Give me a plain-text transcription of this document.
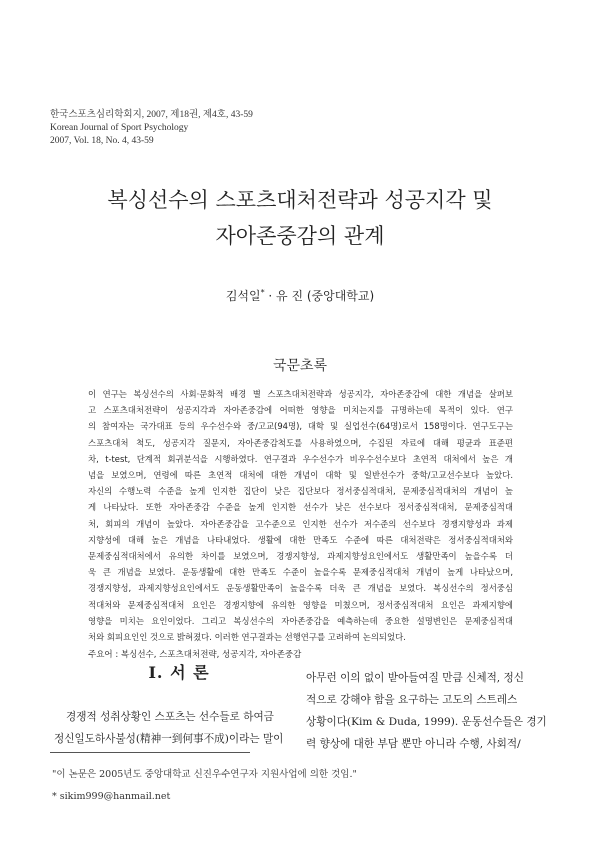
한국스포츠심리학회지, 2007, 제18권, 제4호, 43-59
Korean Journal of Sport Psychology
2007, Vol. 18, No. 4, 43-59
복싱선수의 스포츠대처전략과 성공지각 및
자아존중감의 관계
김석일* · 유 진 (중앙대학교)
국문초록
이 연구는 복싱선수의 사회·문화적 배경 별 스포츠대처전략과 성공지각, 자아존중감에 대한 개념을 살펴보
고 스포츠대처전략이 성공지각과 자아존중감에 어떠한 영향을 미치는지를 규명하는데 목적이 있다. 연구
의 참여자는 국가대표 등의 우수선수와 중/고교(94명), 대학 및 실업선수(64명)로서 158명이다. 연구도구는
스포츠대처 척도, 성공지각 질문지, 자아존중감척도를 사용하였으며, 수집된 자료에 대해 평균과 표준편
차, t-test, 단계적 회귀분석을 시행하였다. 연구결과 우수선수가 비우수선수보다 초연적 대처에서 높은 개
념을 보였으며, 연령에 따른 초연적 대처에 대한 개념이 대학 및 일반선수가 중학/고교선수보다 높았다.
자신의 수행노력 수준을 높게 인지한 집단이 낮은 집단보다 정서중심적대처, 문제중심적대처의 개념이 높
게 나타났다. 또한 자아존중감 수준을 높게 인지한 선수가 낮은 선수보다 정서중심적대처, 문제중심적대
처, 회피의 개념이 높았다. 자아존중감을 고수준으로 인지한 선수가 저수준의 선수보다 경쟁지향성과 과제
지향성에 대해 높은 개념을 나타내었다. 생활에 대한 만족도 수준에 따른 대처전략은 정서중심적대처와
문제중심적대처에서 유의한 차이를 보였으며, 경쟁지향성, 과제지향성요인에서도 생활만족이 높을수록 더
욱 큰 개념을 보였다. 운동생활에 대한 만족도 수준이 높을수록 문제중심적대처 개념이 높게 나타났으며,
경쟁지향성, 과제지향성요인에서도 운동생활만족이 높을수록 더욱 큰 개념을 보였다. 복싱선수의 정서중심
적대처와 문제중심적대처 요인은 경쟁지향에 유의한 영향을 미쳤으며, 정서중심적대처 요인은 과제지향에
영향을 미치는 요인이었다. 그리고 복싱선수의 자아존중감을 예측하는데 중요한 설명변인은 문제중심적대
처와 회피요인인 것으로 밝혀졌다. 이러한 연구결과는 선행연구를 고려하여 논의되었다.
주요어 : 복싱선수, 스포츠대처전략, 성공지각, 자아존중감
I. 서 론
경쟁적 성취상황인 스포츠는 선수들로 하여금
정신일도하사불성(精神一到何事不成)이라는 말이
아무런 이의 없이 받아들여질 만큼 신체적, 정신
적으로 강해야 함을 요구하는 고도의 스트레스
상황이다(Kim & Duda, 1999). 운동선수들은 경기
력 향상에 대한 부담 뿐만 아니라 수행, 사회적/
"이 논문은 2005년도 중앙대학교 신진우수연구자 지원사업에 의한 것임."
* sikim999@hanmail.net
